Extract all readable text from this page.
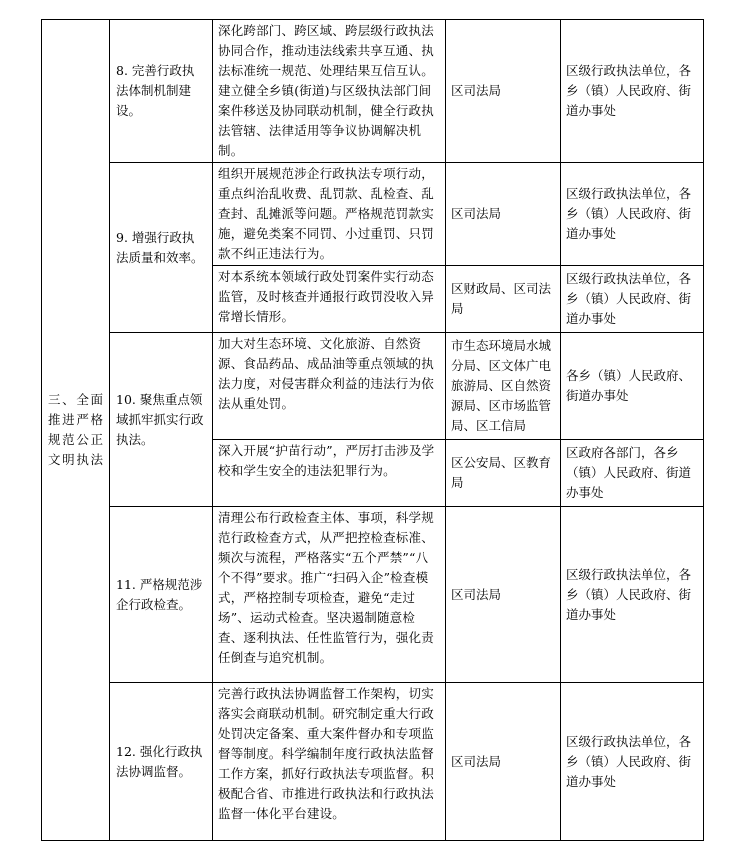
三、全面推进严格规范公正文明执法	8. 完善行政执法体制机制建设。	深化跨部门、跨区域、跨层级行政执法协同合作，推动违法线索共享互通、执法标准统一规范、处理结果互信互认。建立健全乡镇(街道)与区级执法部门间案件移送及协同联动机制，健全行政执法管辖、法律适用等争议协调解决机制。	区司法局	区级行政执法单位，各乡（镇）人民政府、街道办事处

	9. 增强行政执法质量和效率。	组织开展规范涉企行政执法专项行动，重点纠治乱收费、乱罚款、乱检查、乱查封、乱摊派等问题。严格规范罚款实施，避免类案不同罚、小过重罚、只罚款不纠正违法行为。	区司法局	区级行政执法单位，各乡（镇）人民政府、街道办事处

		对本系统本领域行政处罚案件实行动态监管，及时核查并通报行政罚没收入异常增长情形。	区财政局、区司法局	区级行政执法单位，各乡（镇）人民政府、街道办事处

	10. 聚焦重点领域抓牢抓实行政执法。	加大对生态环境、文化旅游、自然资源、食品药品、成品油等重点领域的执法力度，对侵害群众利益的违法行为依法从重处罚。	市生态环境局水城分局、区文体广电旅游局、区自然资源局、区市场监管局、区工信局	各乡（镇）人民政府、街道办事处

		深入开展“护苗行动”，严厉打击涉及学校和学生安全的违法犯罪行为。	区公安局、区教育局	区政府各部门，各乡（镇）人民政府、街道办事处

	11. 严格规范涉企行政检查。	清理公布行政检查主体、事项，科学规范行政检查方式，从严把控检查标准、频次与流程，严格落实“五个严禁”“八个不得”要求。推广“扫码入企”检查模式，严格控制专项检查，避免“走过场”、运动式检查。坚决遏制随意检查、逐利执法、任性监管行为，强化责任倒查与追究机制。	区司法局	区级行政执法单位，各乡（镇）人民政府、街道办事处

	12. 强化行政执法协调监督。	完善行政执法协调监督工作架构，切实落实会商联动机制。研究制定重大行政处罚决定备案、重大案件督办和专项监督等制度。科学编制年度行政执法监督工作方案，抓好行政执法专项监督。积极配合省、市推进行政执法和行政执法监督一体化平台建设。	区司法局	区级行政执法单位，各乡（镇）人民政府、街道办事处
